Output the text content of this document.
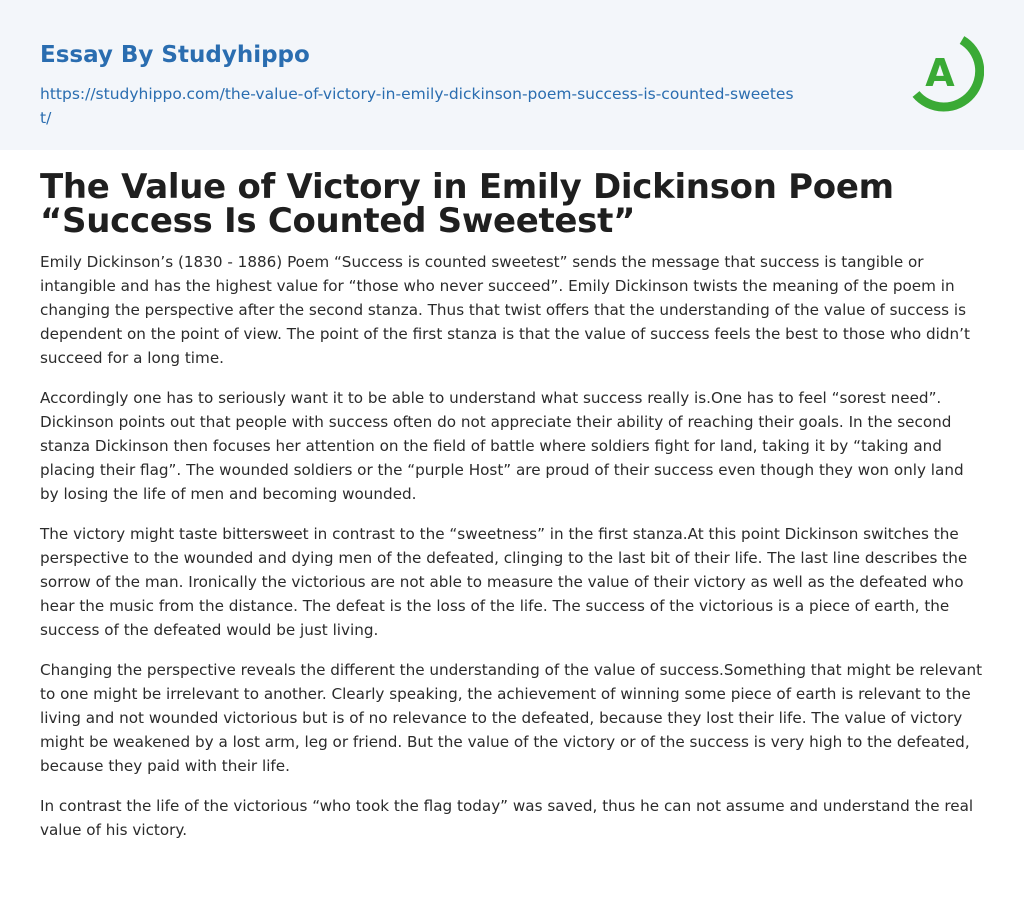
Essay By Studyhippo

https://studyhippo.com/the-value-of-victory-in-emily-dickinson-poem-success-is-counted-sweetest/
A
The Value of Victory in Emily Dickinson Poem “Success Is Counted Sweetest”

Emily Dickinson’s (1830 - 1886) Poem “Success is counted sweetest” sends the message that success is tangible or intangible and has the highest value for “those who never succeed”. Emily Dickinson twists the meaning of the poem in changing the perspective after the second stanza. Thus that twist offers that the understanding of the value of success is dependent on the point of view. The point of the first stanza is that the value of success feels the best to those who didn’t succeed for a long time.

Accordingly one has to seriously want it to be able to understand what success really is.One has to feel “sorest need”. Dickinson points out that people with success often do not appreciate their ability of reaching their goals. In the second stanza Dickinson then focuses her attention on the field of battle where soldiers fight for land, taking it by “taking and placing their flag”. The wounded soldiers or the “purple Host” are proud of their success even though they won only land by losing the life of men and becoming wounded.

The victory might taste bittersweet in contrast to the “sweetness” in the first stanza.At this point Dickinson switches the perspective to the wounded and dying men of the defeated, clinging to the last bit of their life. The last line describes the sorrow of the man. Ironically the victorious are not able to measure the value of their victory as well as the defeated who hear the music from the distance. The defeat is the loss of the life. The success of the victorious is a piece of earth, the success of the defeated would be just living.

Changing the perspective reveals the different the understanding of the value of success.Something that might be relevant to one might be irrelevant to another. Clearly speaking, the achievement of winning some piece of earth is relevant to the living and not wounded victorious but is of no relevance to the defeated, because they lost their life. The value of victory might be weakened by a lost arm, leg or friend. But the value of the victory or of the success is very high to the defeated, because they paid with their life.

In contrast the life of the victorious “who took the flag today” was saved, thus he can not assume and understand the real value of his victory.
